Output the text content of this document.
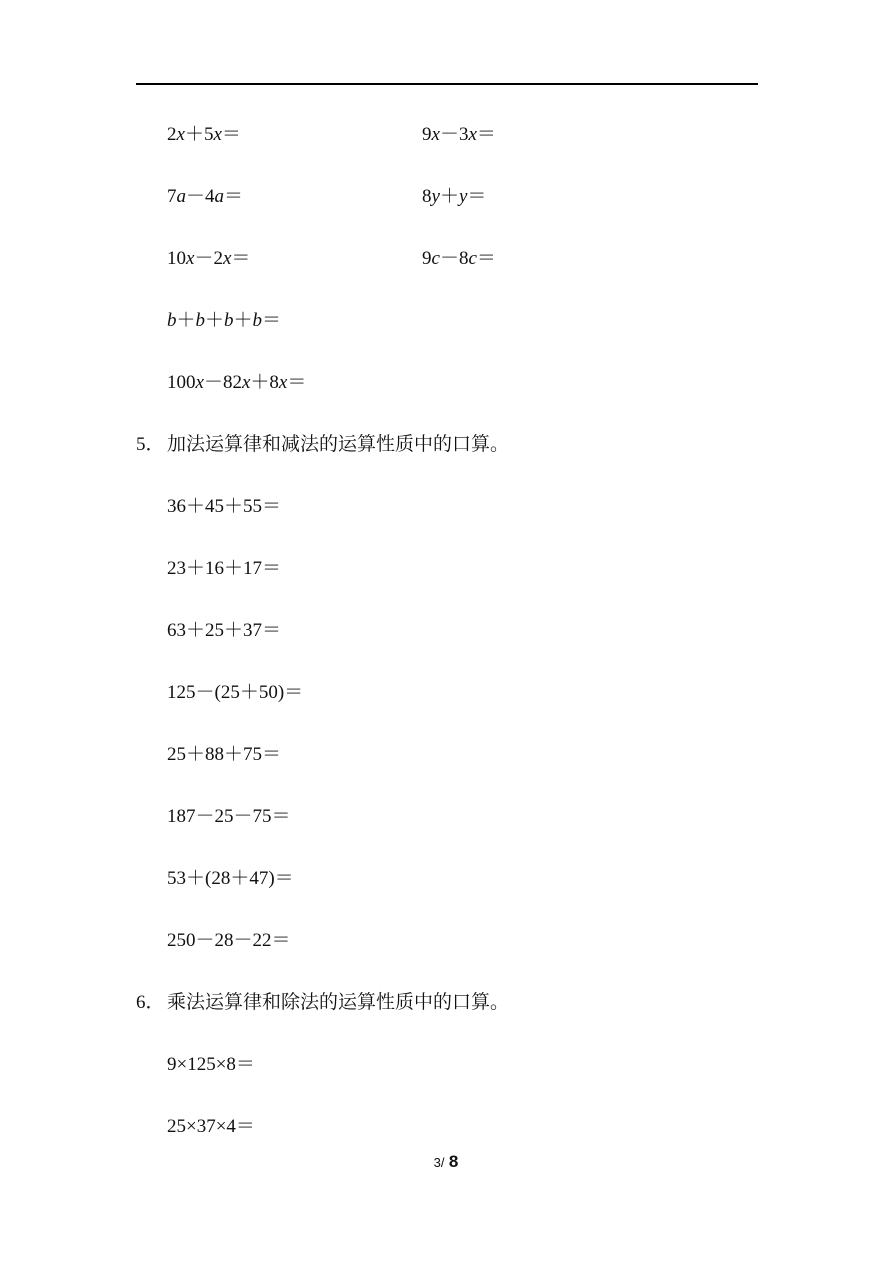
2x＋5x＝	9x－3x＝
7a－4a＝	8y＋y＝
10x－2x＝	9c－8c＝
b＋b＋b＋b＝
100x－82x＋8x＝
5． 加法运算律和减法的运算性质中的口算。
36＋45＋55＝
23＋16＋17＝
63＋25＋37＝
125－(25＋50)＝
25＋88＋75＝
187－25－75＝
53＋(28＋47)＝
250－28－22＝
6． 乘法运算律和除法的运算性质中的口算。
9×125×8＝
25×37×4＝
3/ 8
